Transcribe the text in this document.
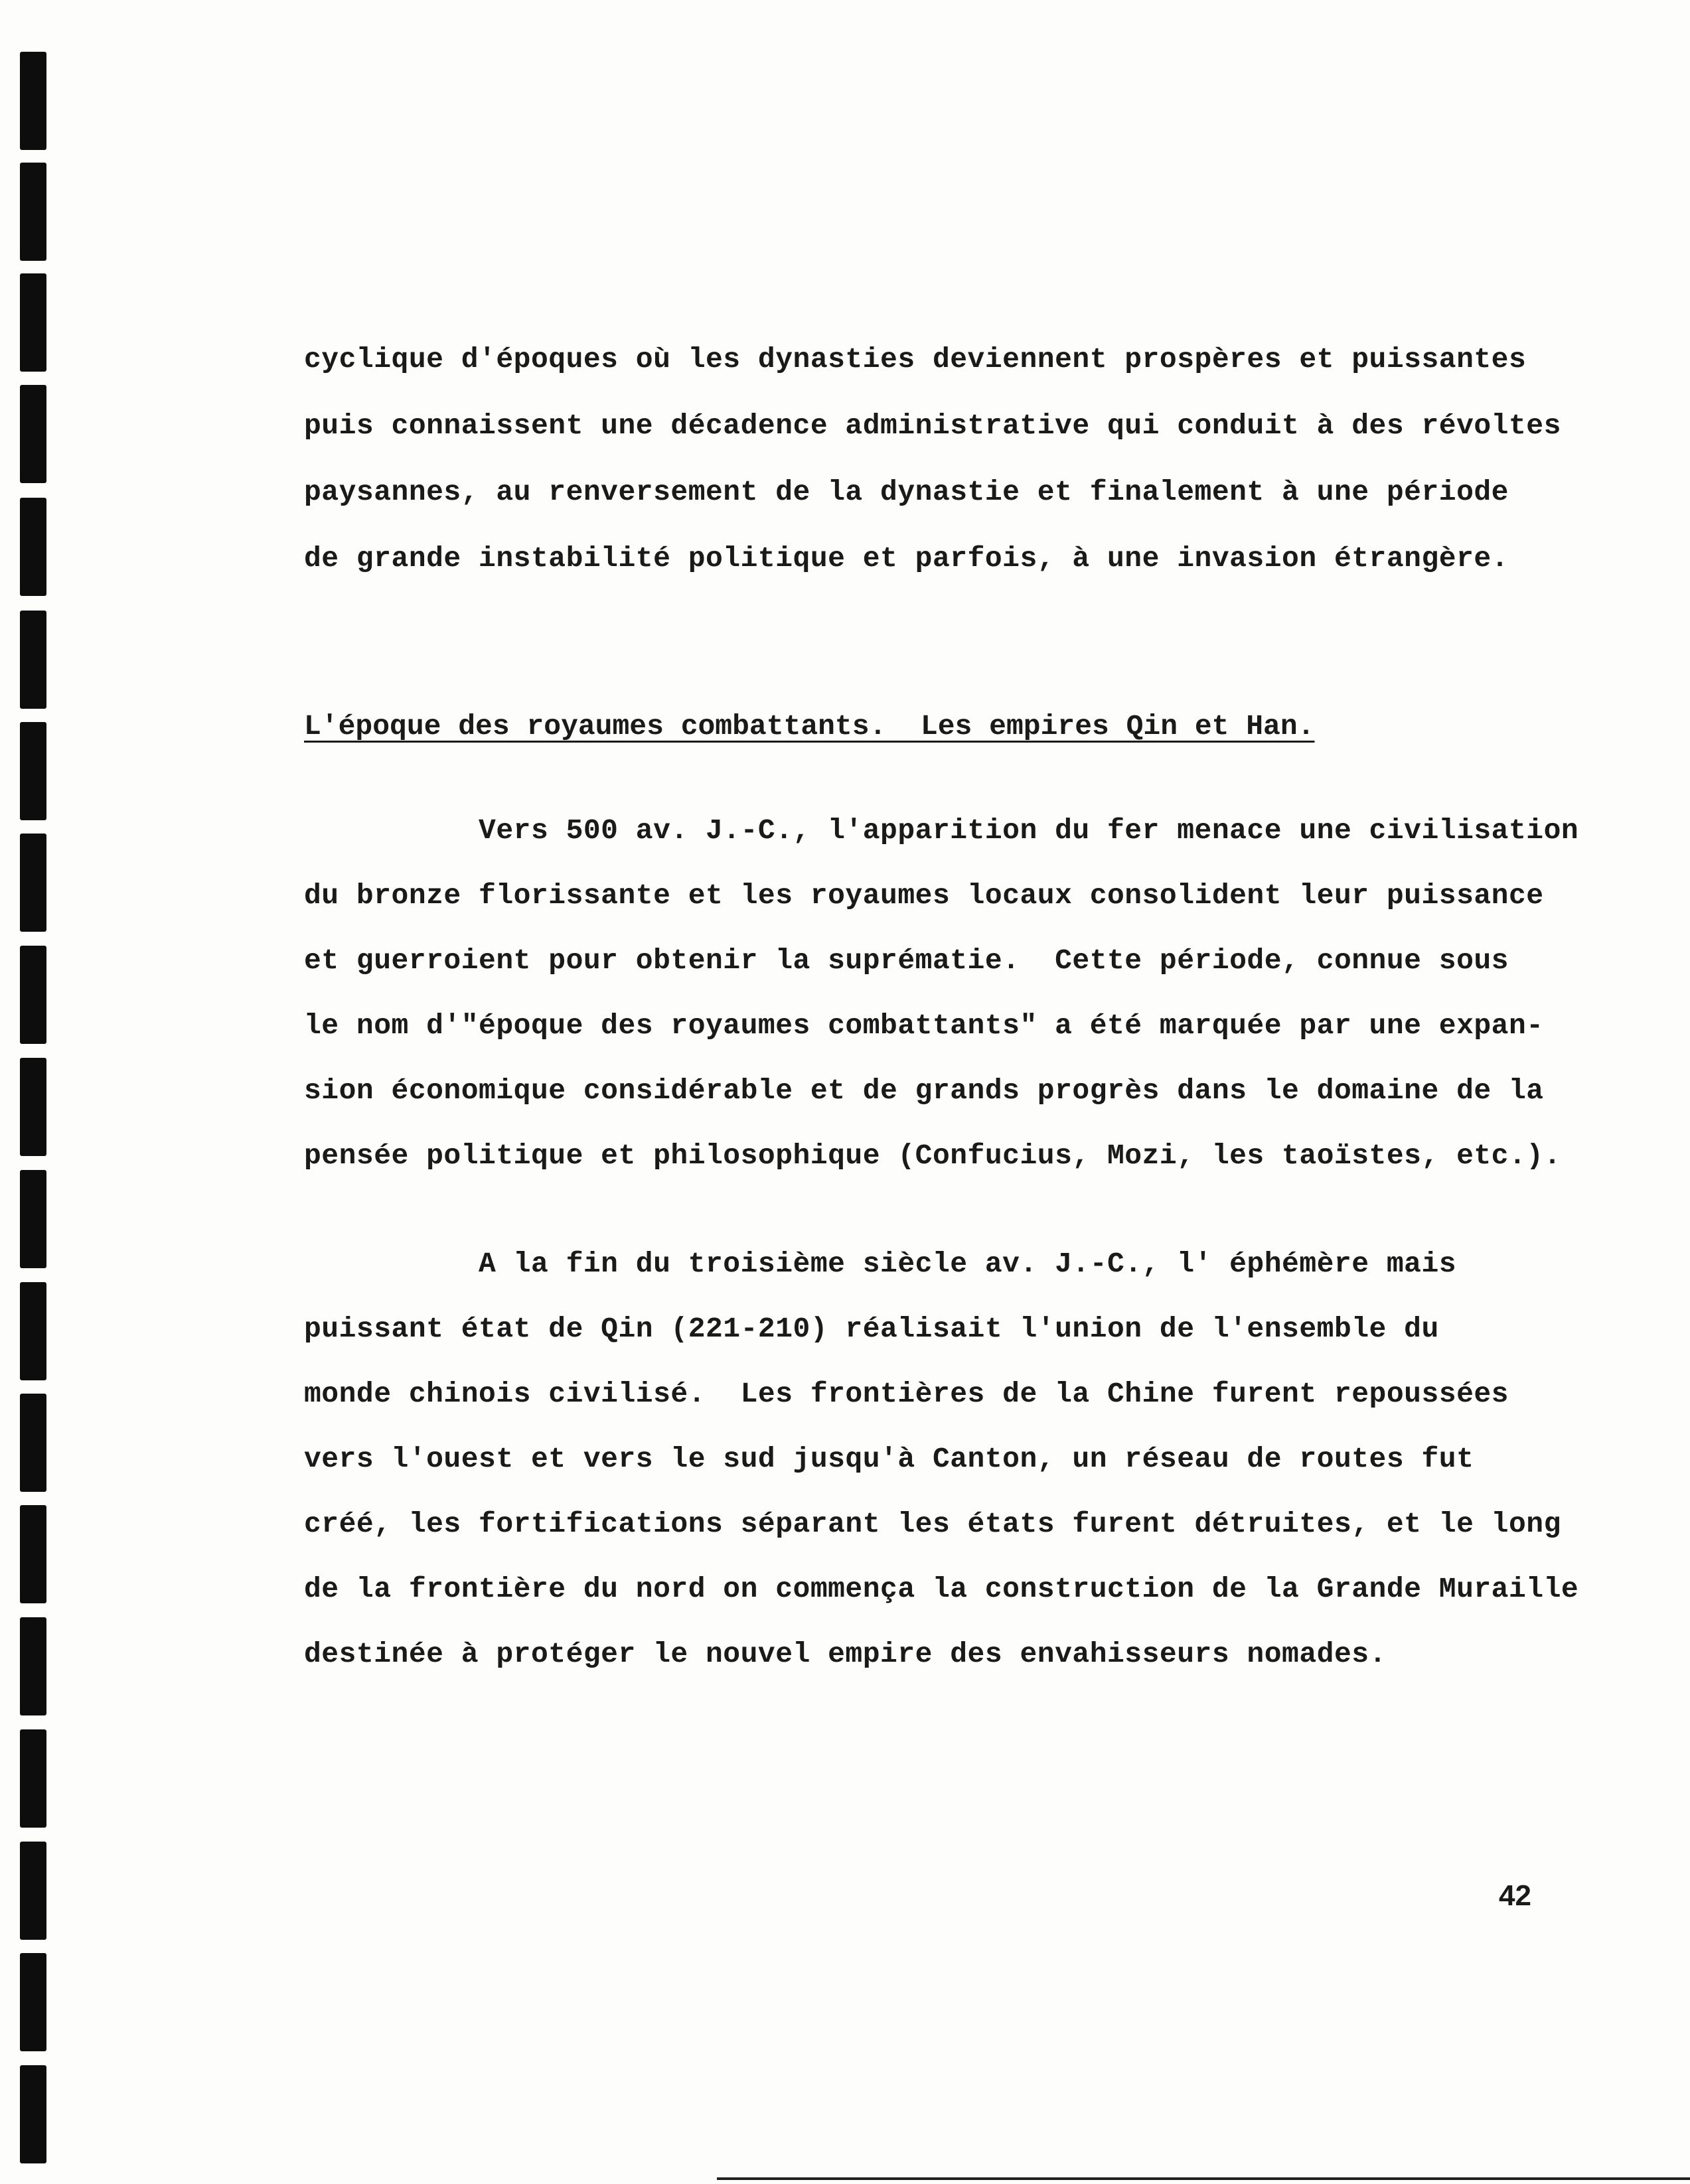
cyclique d'époques où les dynasties deviennent prospères et puissantes

puis connaissent une décadence administrative qui conduit à des révoltes

paysannes, au renversement de la dynastie et finalement à une période

de grande instabilité politique et parfois, à une invasion étrangère.

L'époque des royaumes combattants.  Les empires Qin et Han.

Vers 500 av. J.-C., l'apparition du fer menace une civilisation

du bronze florissante et les royaumes locaux consolident leur puissance

et guerroient pour obtenir la suprématie.  Cette période, connue sous

le nom d'"époque des royaumes combattants" a été marquée par une expan-

sion économique considérable et de grands progrès dans le domaine de la

pensée politique et philosophique (Confucius, Mozi, les taoïstes, etc.).

A la fin du troisième siècle av. J.-C., l' éphémère mais

puissant état de Qin (221-210) réalisait l'union de l'ensemble du

monde chinois civilisé.  Les frontières de la Chine furent repoussées

vers l'ouest et vers le sud jusqu'à Canton, un réseau de routes fut

créé, les fortifications séparant les états furent détruites, et le long

de la frontière du nord on commença la construction de la Grande Muraille

destinée à protéger le nouvel empire des envahisseurs nomades.

42
